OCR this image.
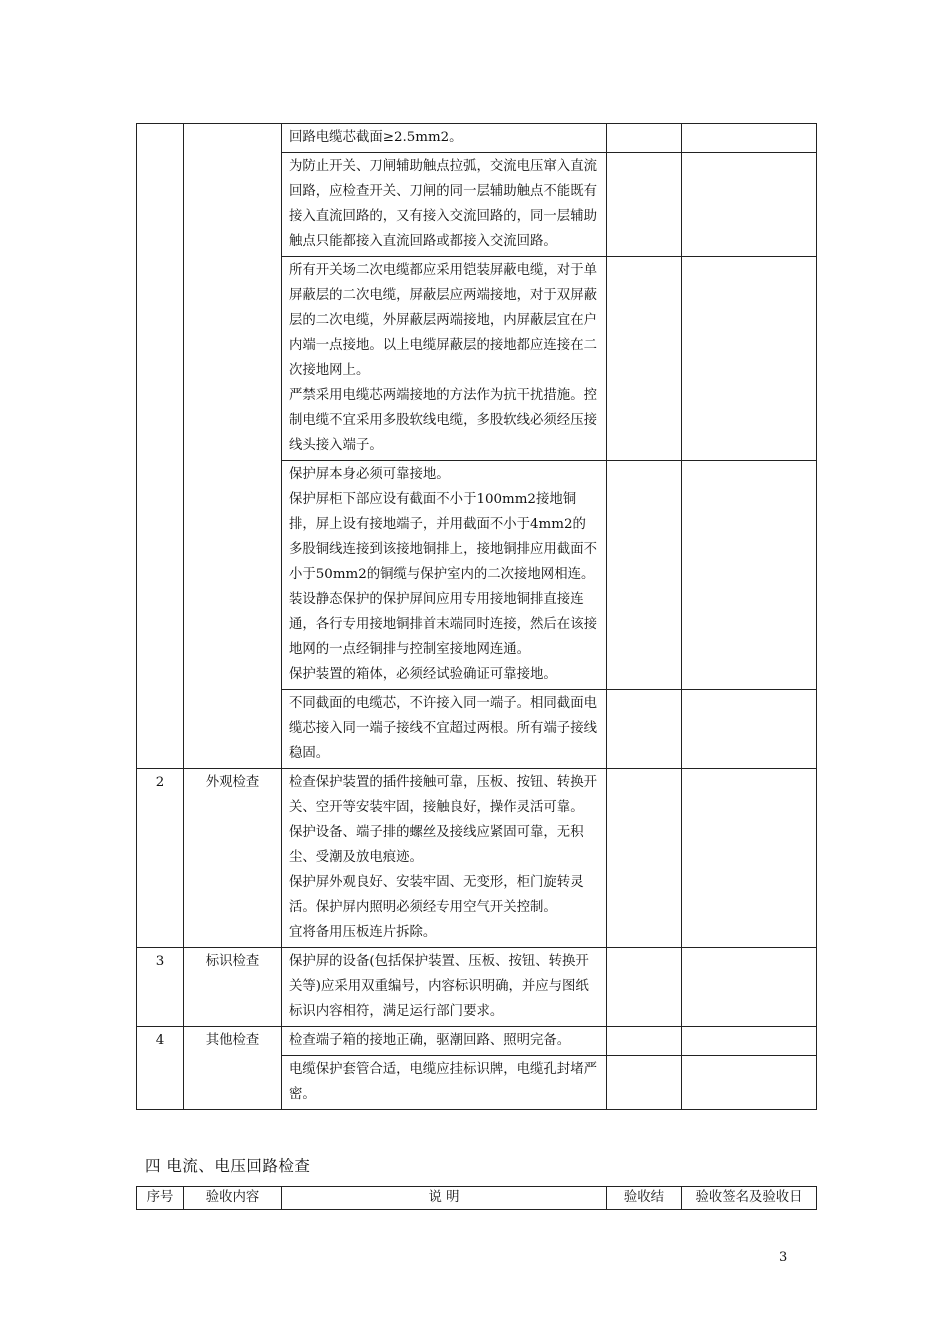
		回路电缆芯截面≥2.5mm2。		

		为防止开关、刀闸辅助触点拉弧，交流电压窜入直流回路，应检查开关、刀闸的同一层辅助触点不能既有接入直流回路的，又有接入交流回路的，同一层辅助触点只能都接入直流回路或都接入交流回路。		

		所有开关场二次电缆都应采用铠装屏蔽电缆，对于单屏蔽层的二次电缆，屏蔽层应两端接地，对于双屏蔽层的二次电缆，外屏蔽层两端接地，内屏蔽层宜在户内端一点接地。以上电缆屏蔽层的接地都应连接在二次接地网上。
严禁采用电缆芯两端接地的方法作为抗干扰措施。控制电缆不宜采用多股软线电缆，多股软线必须经压接线头接入端子。		

		保护屏本身必须可靠接地。
保护屏柜下部应设有截面不小于100mm2接地铜排，屏上设有接地端子，并用截面不小于4mm2的多股铜线连接到该接地铜排上，接地铜排应用截面不小于50mm2的铜缆与保护室内的二次接地网相连。装设静态保护的保护屏间应用专用接地铜排直接连通，各行专用接地铜排首末端同时连接，然后在该接地网的一点经铜排与控制室接地网连通。
保护装置的箱体，必须经试验确证可靠接地。		

		不同截面的电缆芯，不许接入同一端子。相同截面电缆芯接入同一端子接线不宜超过两根。所有端子接线稳固。		

2	外观检查	检查保护装置的插件接触可靠，压板、按钮、转换开关、空开等安装牢固，接触良好，操作灵活可靠。
保护设备、端子排的螺丝及接线应紧固可靠，无积尘、受潮及放电痕迹。
保护屏外观良好、安装牢固、无变形，柜门旋转灵活。保护屏内照明必须经专用空气开关控制。
宜将备用压板连片拆除。		

3	标识检查	保护屏的设备(包括保护装置、压板、按钮、转换开关等)应采用双重编号，内容标识明确，并应与图纸标识内容相符，满足运行部门要求。		

4	其他检查	检查端子箱的接地正确，驱潮回路、照明完备。		

		电缆保护套管合适，电缆应挂标识牌，电缆孔封堵严密。		

四 电流、电压回路检查
序号	验收内容	说 明	验收结	验收签名及验收日
3
